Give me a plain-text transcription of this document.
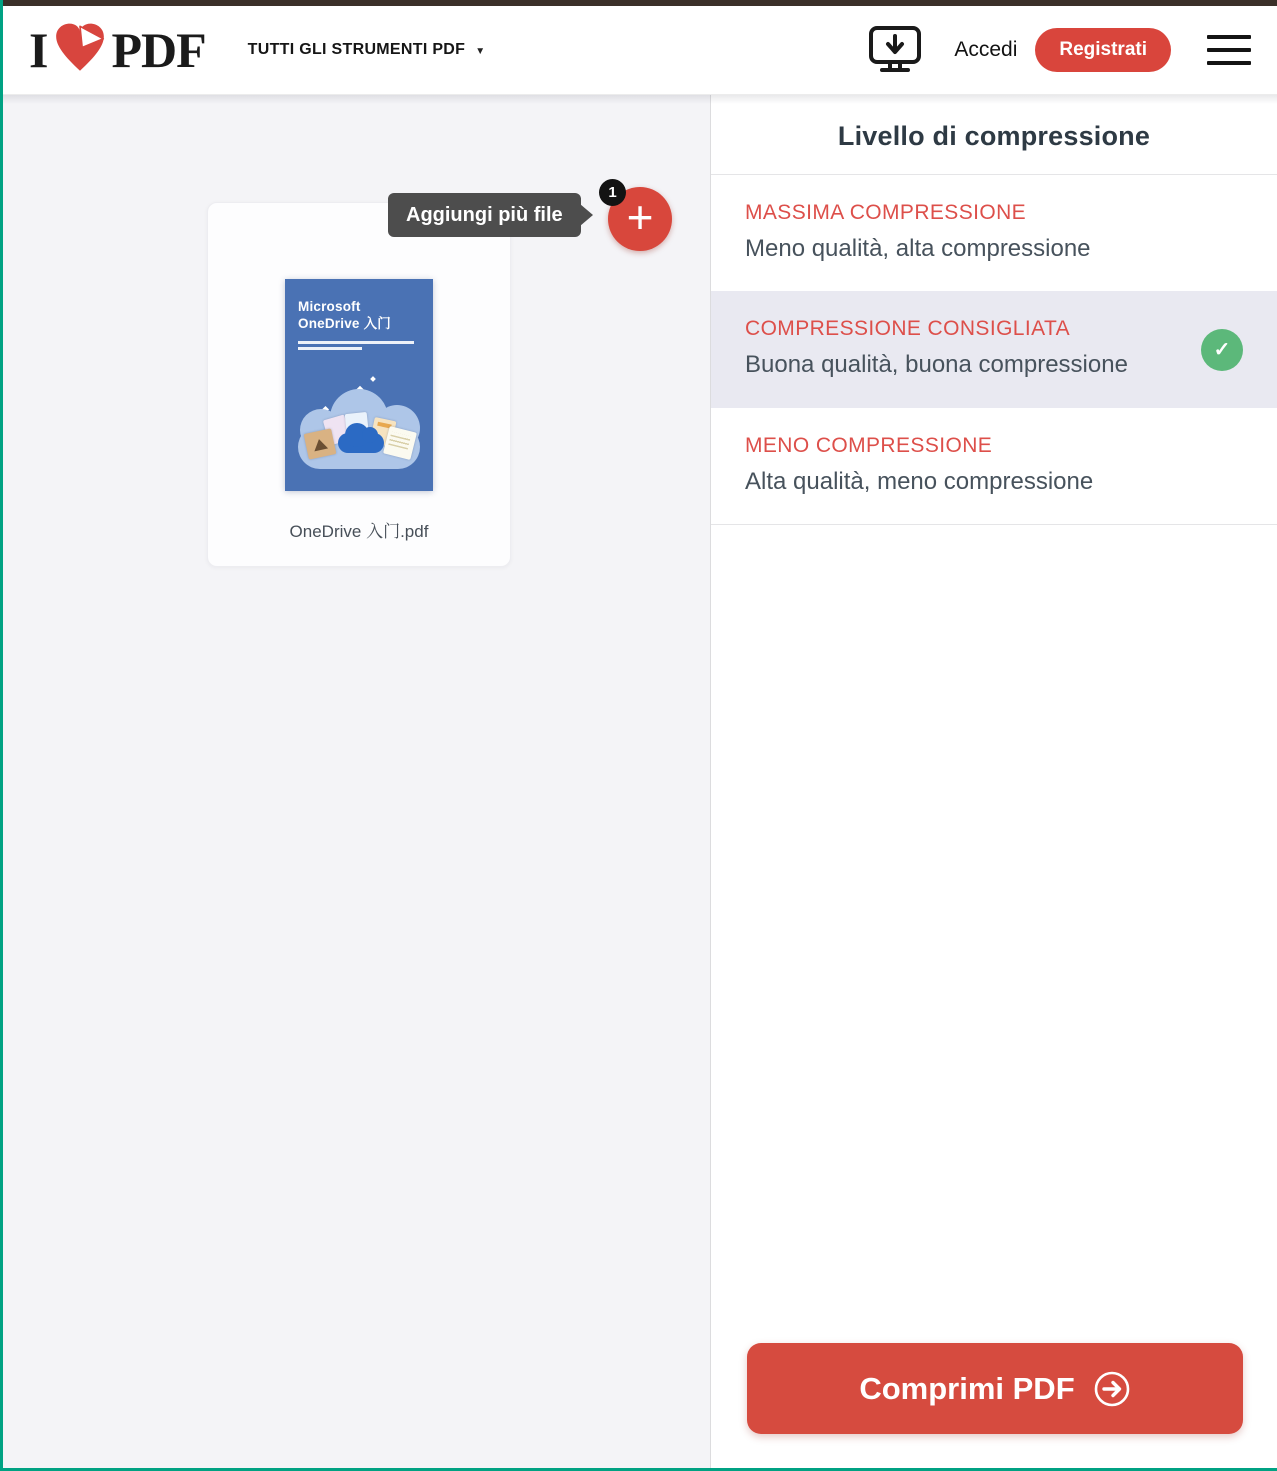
I PDF	TUTTI GLI STRUMENTI PDF ▼	Accedi	Registrati
Microsoft
OneDrive 入门
OneDrive 入门.pdf
Aggiungi più file +
1
Livello di compressione
MASSIMA COMPRESSIONE

Meno qualità, alta compressione

COMPRESSIONE CONSIGLIATA

Buona qualità, buona compressione

✓
MENO COMPRESSIONE

Alta qualità, meno compressione

Comprimi PDF
